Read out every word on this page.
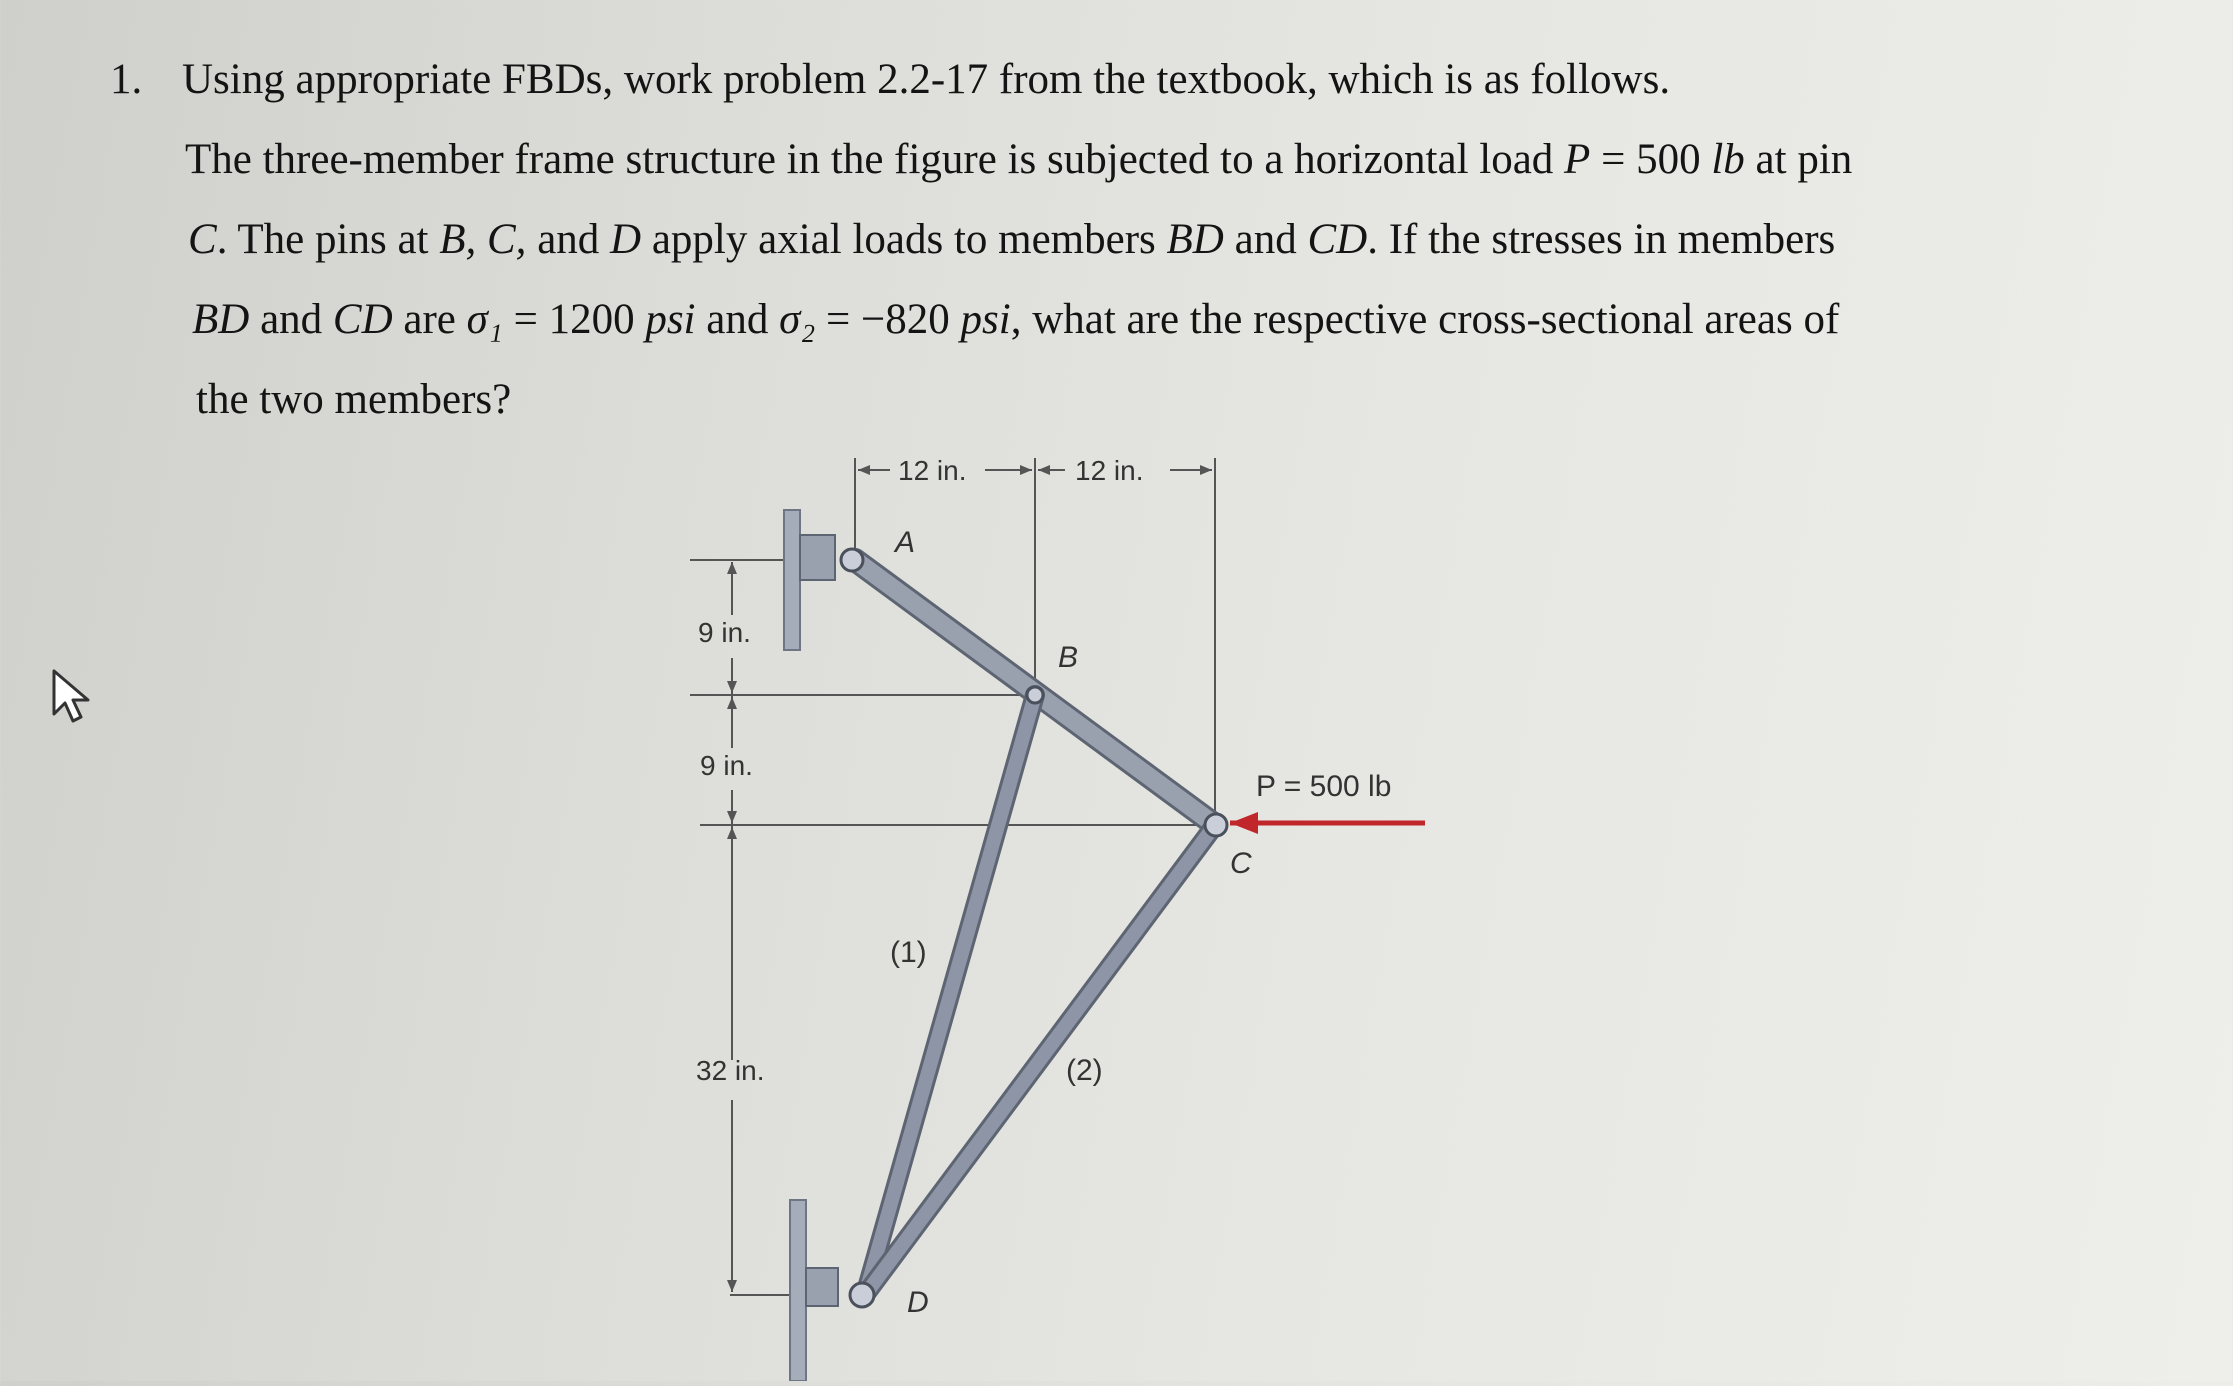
1. Using appropriate FBDs, work problem 2.2-17 from the textbook, which is as follows.
The three-member frame structure in the figure is subjected to a horizontal load P = 500 lb at pin
C. The pins at B, C, and D apply axial loads to members BD and CD. If the stresses in members
BD and CD are σ₁ = 1200 psi and σ₂ = −820 psi, what are the respective cross-sectional areas of
the two members?
12 in.	12 in.
9 in.
9 in.
32 in.
A
B
C
D
(1)
(2)
P = 500 lb
